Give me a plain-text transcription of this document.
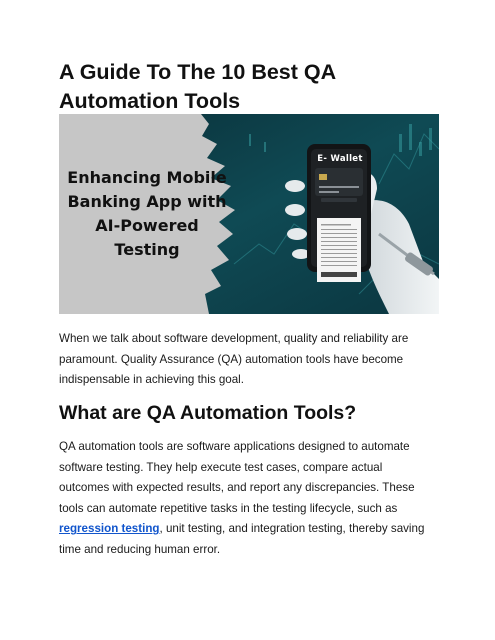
A Guide To The 10 Best QA Automation Tools
Enhancing Mobile
Banking App with
AI-Powered
Testing
E- Wallet

When we talk about software development, quality and reliability are paramount. Quality Assurance (QA) automation tools have become indispensable in achieving this goal.

What are QA Automation Tools?

QA automation tools are software applications designed to automate software testing. They help execute test cases, compare actual outcomes with expected results, and report any discrepancies. These tools can automate repetitive tasks in the testing lifecycle, such as regression testing, unit testing, and integration testing, thereby saving time and reducing human error.
